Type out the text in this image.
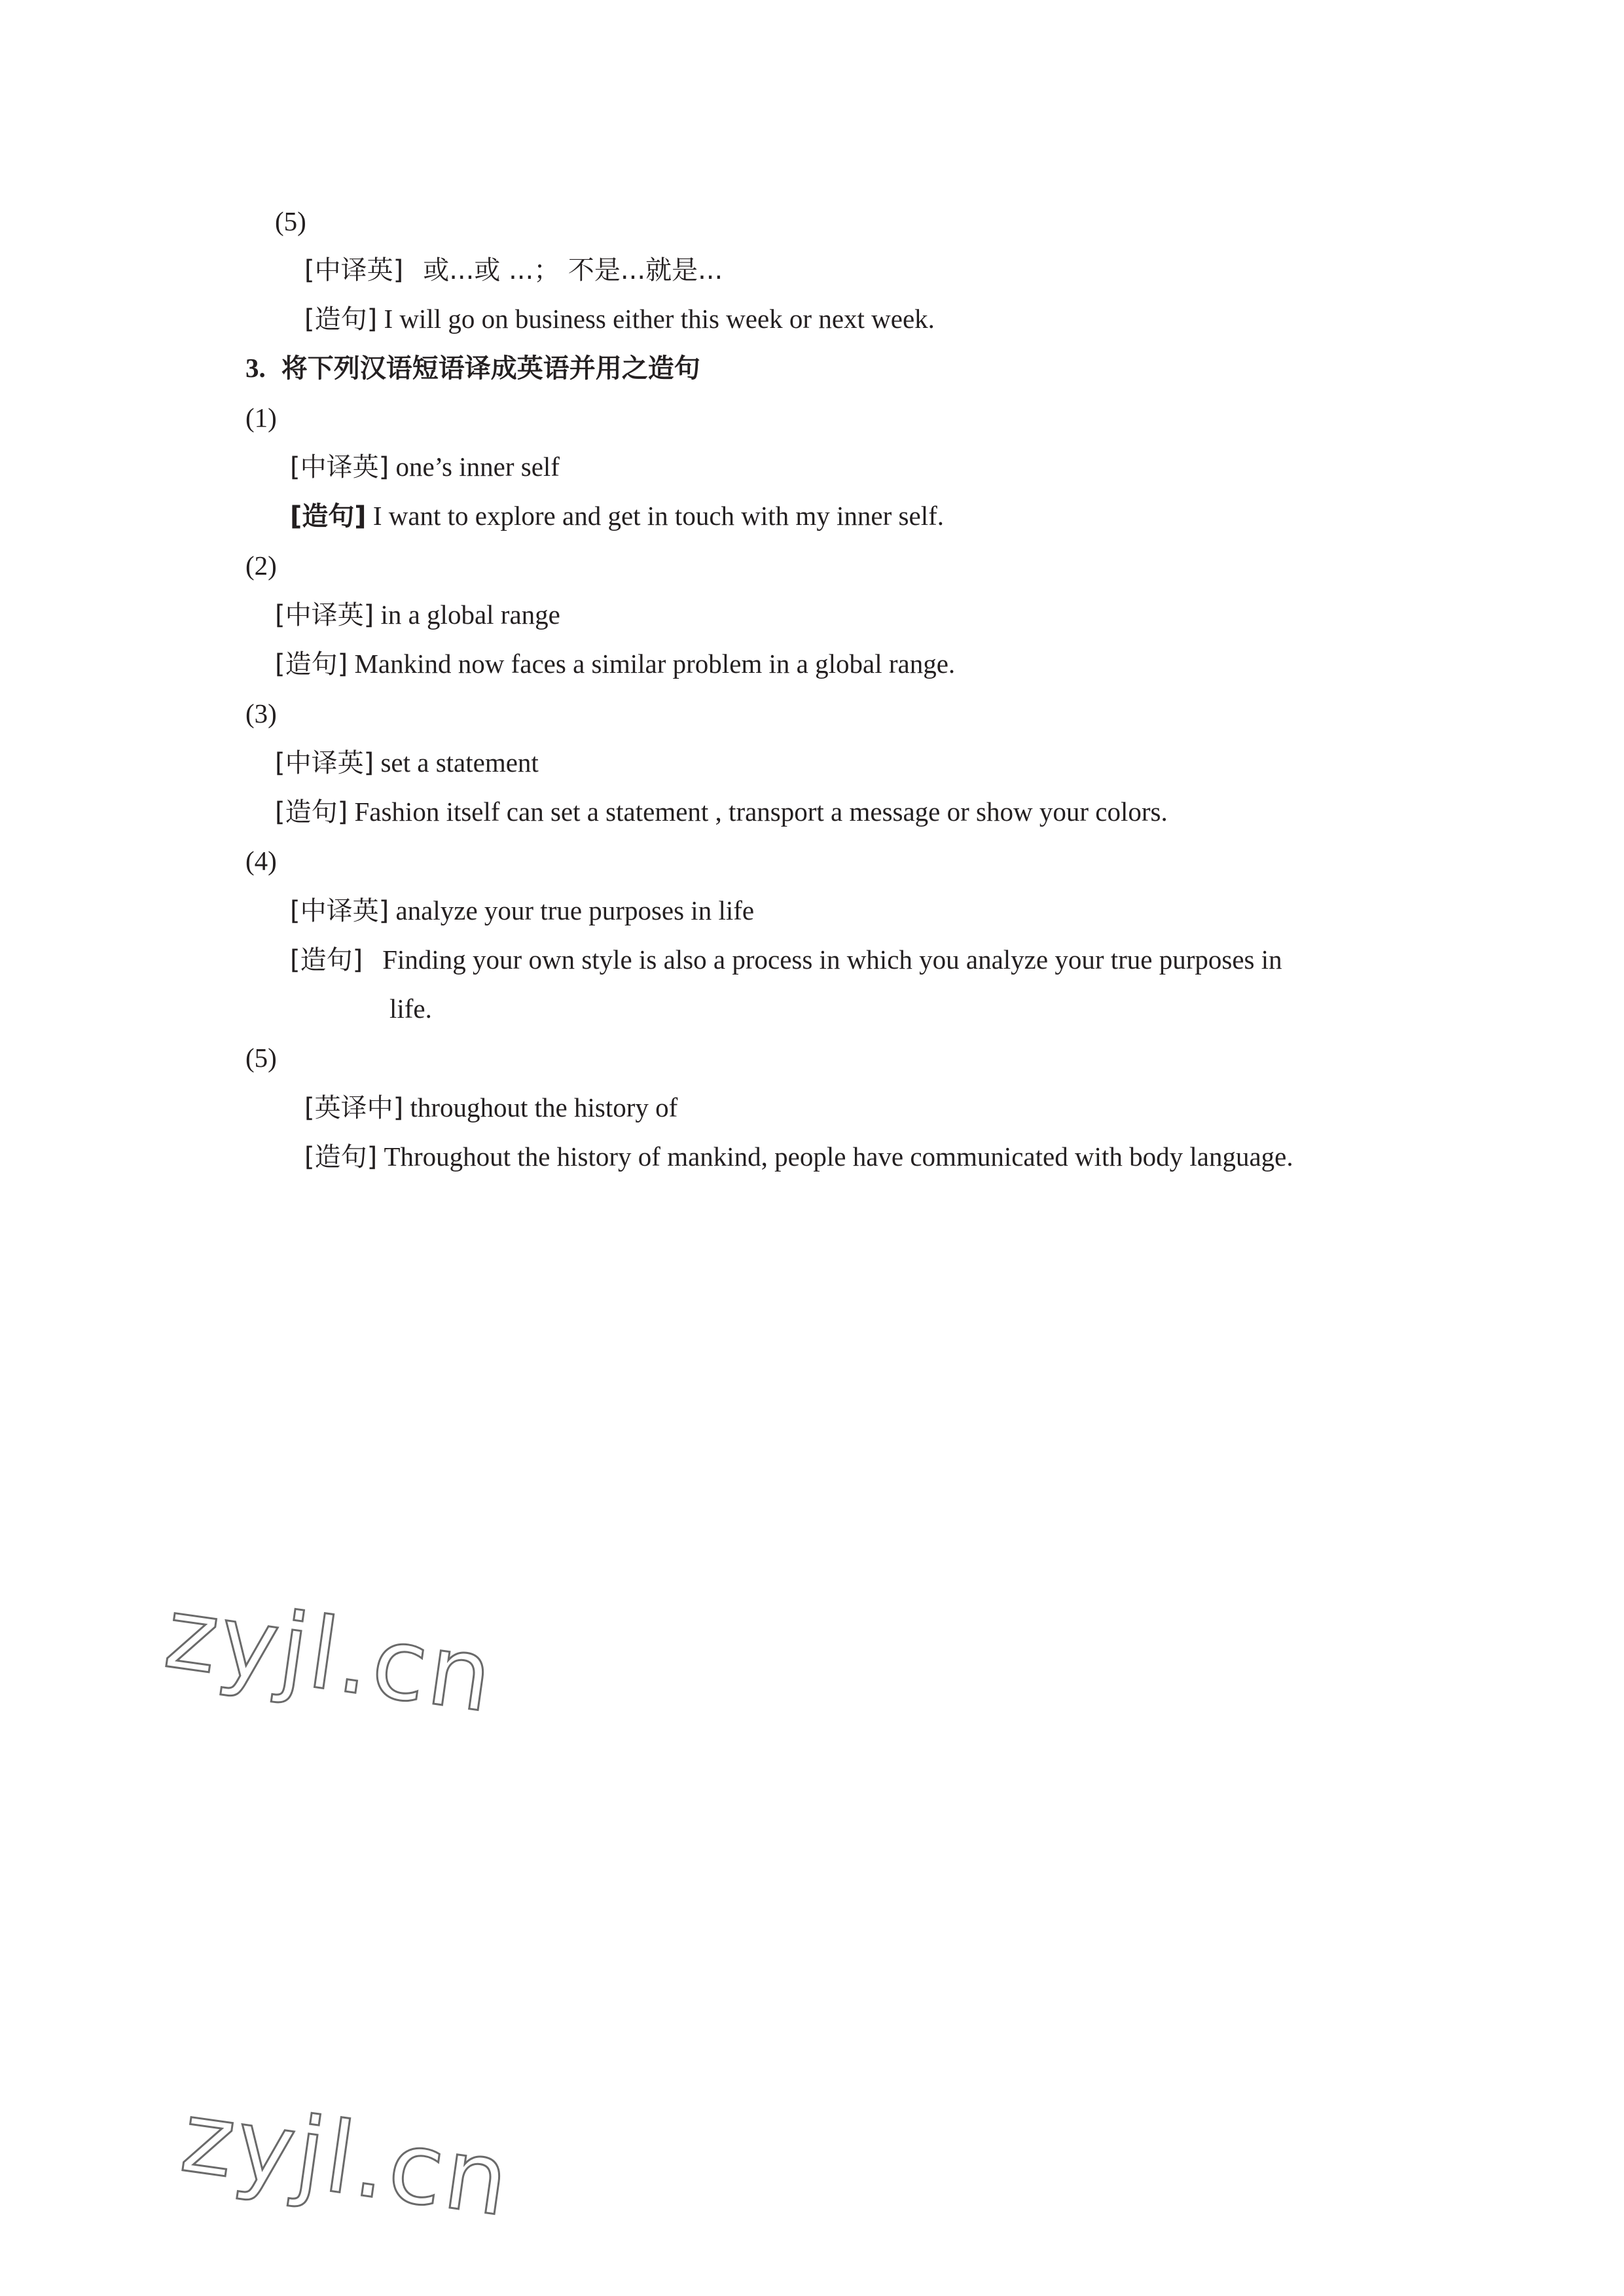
(5)
[中译英] 或...或 ...； 不是...就是...
[造句] I will go on business either this week or next week.
3. 将下列汉语短语译成英语并用之造句
(1)
[中译英] one’s inner self
[造句] I want to explore and get in touch with my inner self.
(2)
[中译英] in a global range
[造句] Mankind now faces a similar problem in a global range.
(3)
[中译英] set a statement
[造句] Fashion itself can set a statement , transport a message or show your colors.
(4)
[中译英] analyze your true purposes in life
[造句] Finding your own style is also a process in which you analyze your true purposes in
life.
(5)
[英译中] throughout the history of
[造句] Throughout the history of mankind, people have communicated with body language.
zyjl.cn
zyjl.cn
